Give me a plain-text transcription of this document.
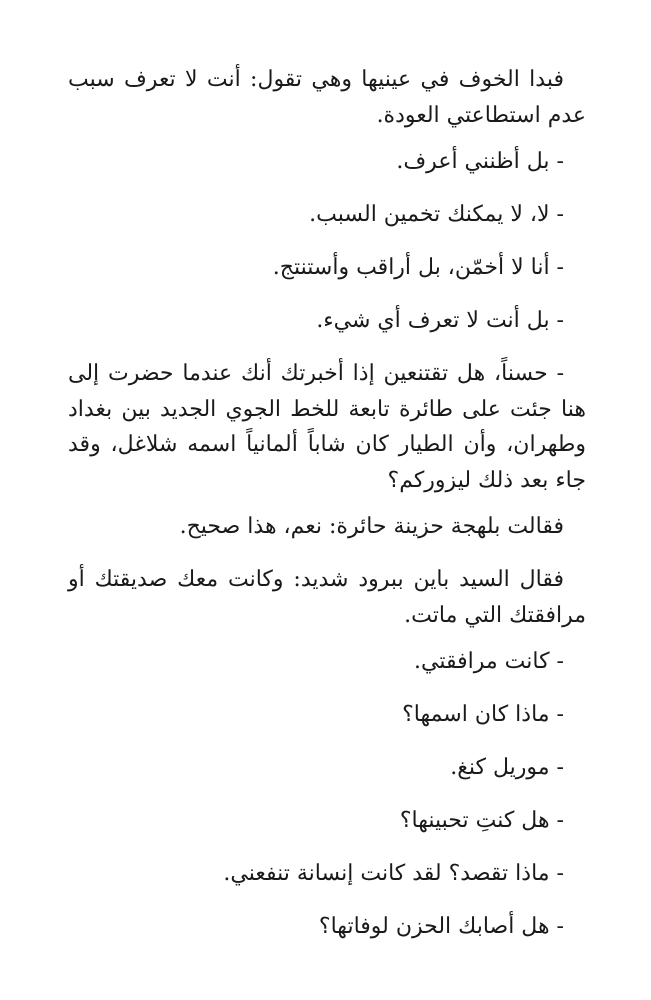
فبدا الخوف في عينيها وهي تقول: أنت لا تعرف سبب عدم استطاعتي العودة.

- بل أظنني أعرف.

- لا، لا يمكنك تخمين السبب.

- أنا لا أخمّن، بل أراقب وأستنتج.

- بل أنت لا تعرف أي شيء.

- حسناً، هل تقتنعين إذا أخبرتك أنك عندما حضرت إلى هنا جئت على طائرة تابعة للخط الجوي الجديد بين بغداد وطهران، وأن الطيار كان شاباً ألمانياً اسمه شلاغل، وقد جاء بعد ذلك ليزوركم؟

فقالت بلهجة حزينة حائرة: نعم، هذا صحيح.

فقال السيد باين ببرود شديد: وكانت معك صديقتك أو مرافقتك التي ماتت.

- كانت مرافقتي.

- ماذا كان اسمها؟

- موريل كنغ.

- هل كنتِ تحبينها؟

- ماذا تقصد؟ لقد كانت إنسانة تنفعني.

- هل أصابك الحزن لوفاتها؟
